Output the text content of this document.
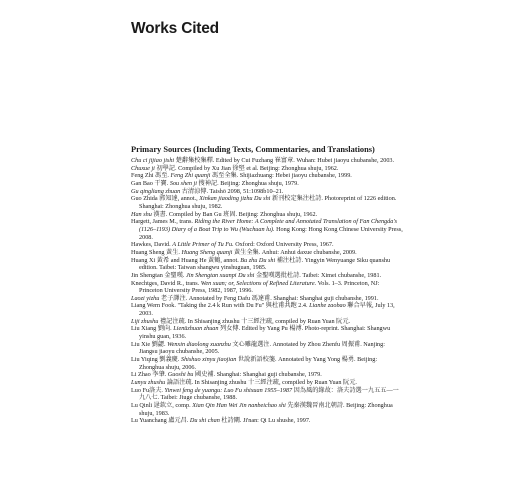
Works Cited
Primary Sources (Including Texts, Commentaries, and Translations)
Chu ci jijiao jishi 楚辭集校集釋. Edited by Cui Fuzhang 崔富章. Wuhan: Hubei jiaoyu chubanshe, 2003.
Chuxue ji 初學記. Compiled by Xu Jian 徐堅 et al. Beijing: Zhonghua shuju, 1962.
Feng Zhi 馮至. Feng Zhi quanji 馮至全集. Shijiazhuang: Hebei jiaoyu chubanshe, 1999.
Gan Bao 干寶. Sou shen ji 搜神記. Beijing: Zhonghua shuju, 1979.
Gu qingliang zhuan 古清涼傳. Taishō 2098, 51:1098b10–21.
Guo Zhida 郭知達, annot., Xinkan jiaoding jizhu Du shi 新刊校定集注杜詩. Photoreprint of 1226 edition. Shanghai: Zhonghua shuju, 1982.
Han shu 漢書. Compiled by Ban Gu 班固. Beijing: Zhonghua shuju, 1962.
Hargett, James M., trans. Riding the River Home: A Complete and Annotated Translation of Fan Chengda's (1126–1193) Diary of a Boat Trip to Wu (Wuchuan lu). Hong Kong: Hong Kong Chinese University Press, 2008.
Hawkes, David. A Little Primer of Tu Fu. Oxford: Oxford University Press, 1967.
Huang Sheng 黃生. Huang Sheng quanji 黃生全集. Anhui: Anhui daxue chubanshe, 2009.
Huang Xi 黃希 and Huang He 黃鶴, annot. Bu zhu Du shi 補注杜詩. Yingyin Wenyuange Siku quanshu edition. Taibei: Taiwan shangwu yinshuguan, 1985.
Jin Shengtan 金聖嘆. Jin Shengtan xuanpi Du shi 金聖嘆選批杜詩. Taibei: Ximei chubanshe, 1981.
Knechtges, David R., trans. Wen xuan; or, Selections of Refined Literature. Vols. 1–3. Princeton, NJ: Princeton University Press, 1982, 1987, 1996.
Laozi yizhu 老子譯注. Annotated by Feng Dafu 馮達甫. Shanghai: Shanghai guji chubanshe, 1991.
Liang Wern Fook. "Taking the 2.4 k Run with Du Fu" 與杜甫共跑 2.4. Lianhe zaobao 聯合早報, July 13, 2003.
Liji zhushu 禮記注疏. In Shisanjing zhushu 十三經注疏, compiled by Ruan Yuan 阮元.
Liu Xiang 劉向. Lienüzhuan zhuan 列女傳. Edited by Yang Pu 楊溥. Photo-reprint. Shanghai: Shangwu yinshu guan, 1936.
Liu Xie 劉勰. Wenxin diaolong xuanzhu 文心雕龍選注. Annotated by Zhou Zhenfu 周振甫. Nanjing: Jiangsu jiaoyu chubanshe, 2005.
Liu Yiqing 劉義慶. Shishuo xinyu jiaojian 世說新語校箋. Annotated by Yang Yong 楊勇. Beijing: Zhonghua shuju, 2006.
Li Zhao 李肇. Guoshi bu 國史補. Shanghai: Shanghai guji chubanshe, 1979.
Lunyu zhushu 論語注疏. In Shisanjing zhushu 十三經注疏, compiled by Ruan Yuan 阮元.
Luo Fu洛夫. Yinwei feng de yuangu: Luo Fu shixuan 1955–1987 因為風的緣故：洛夫詩選一九五五—一九八七. Taibei: Jiuge chubanshe, 1988.
Lu Qinli 逯欽立, comp. Xian Qin Han Wei Jin nanbeichao shi 先秦漢魏晉南北朝詩. Beijing: Zhonghua shuju, 1983.
Lu Yuanchang 盧元昌. Du shi chan 杜詩闡. Ji'nan: Qi Lu shushe, 1997.
